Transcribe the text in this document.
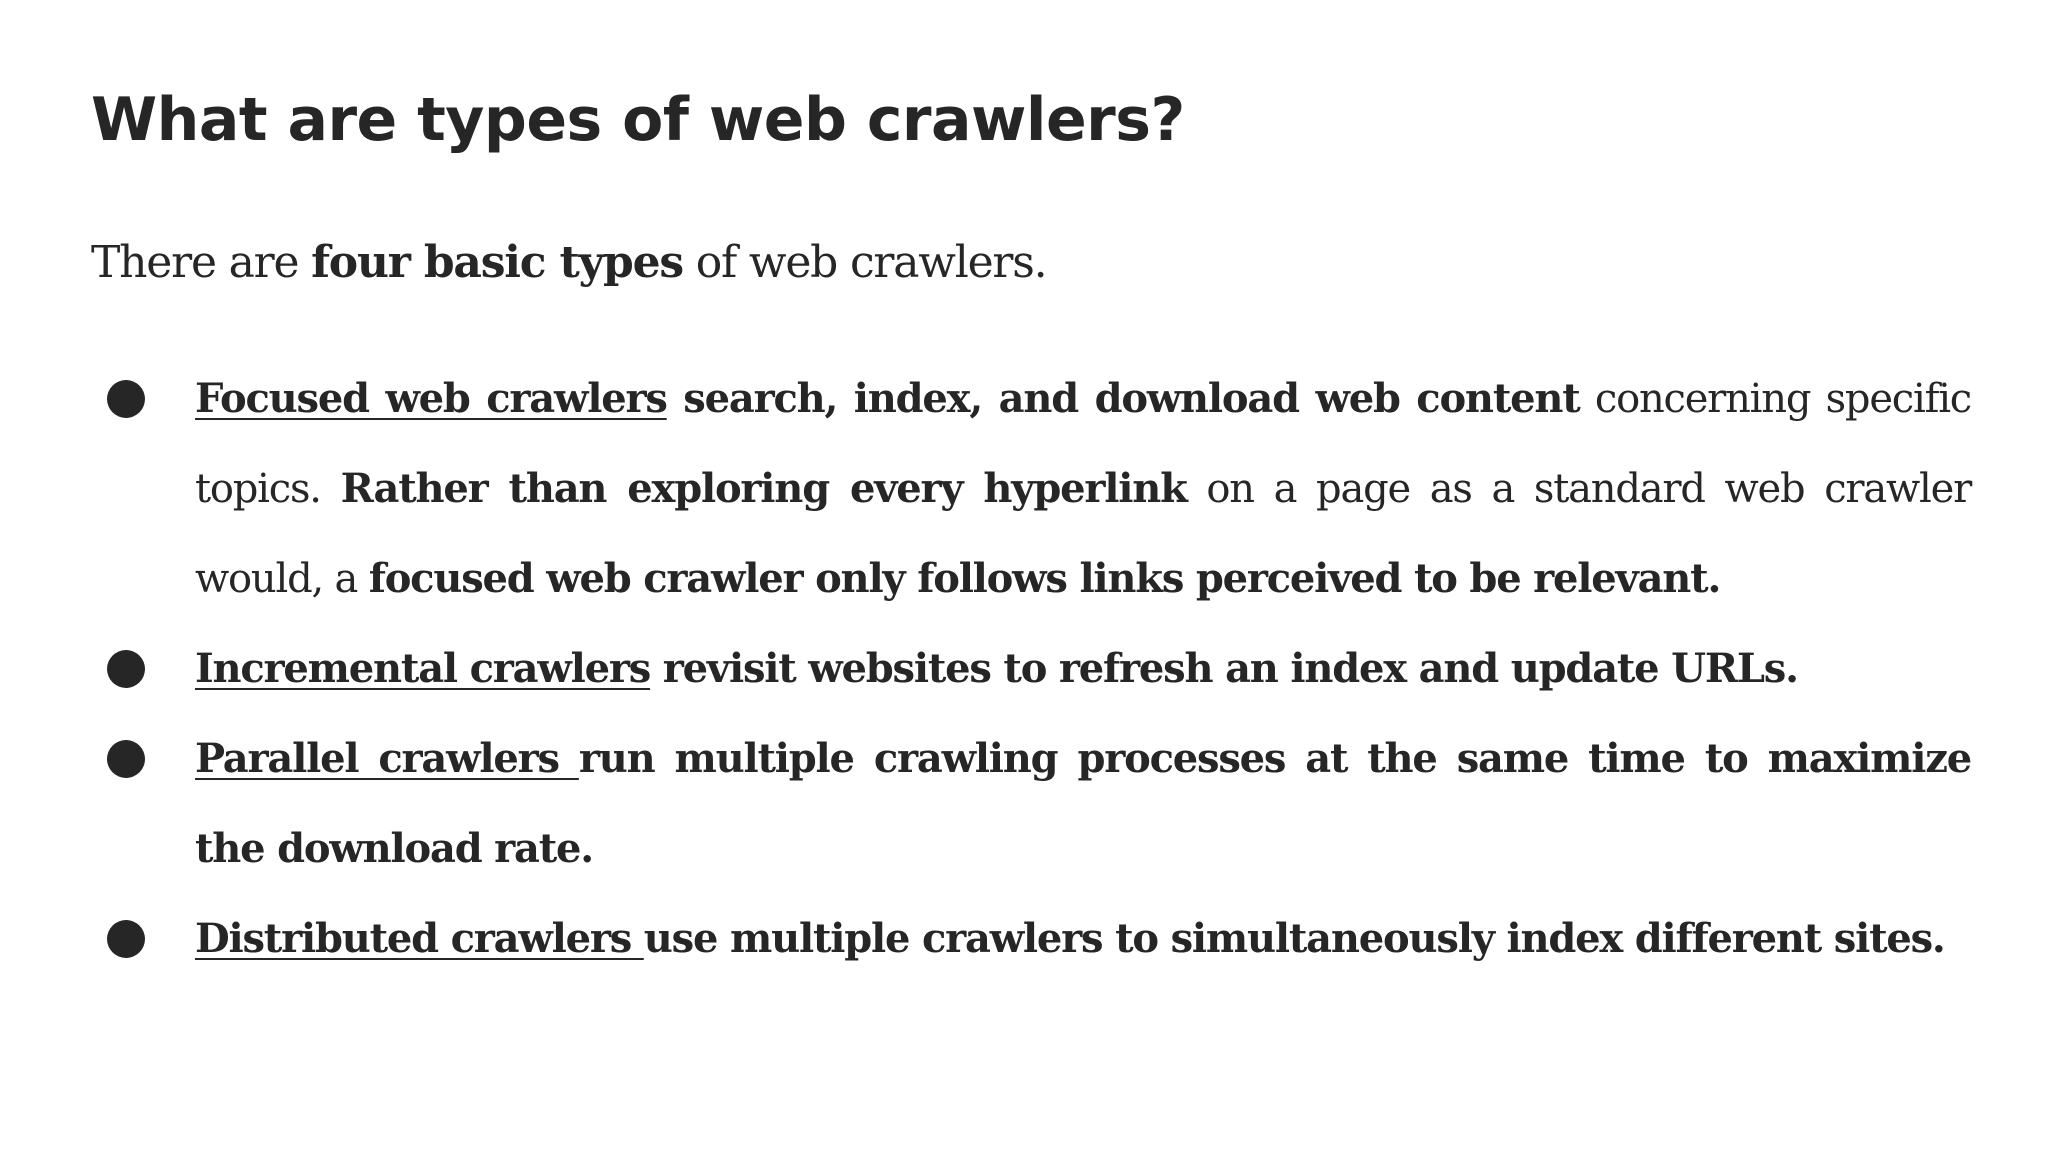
What are types of web crawlers?

There are four basic types of web crawlers.

Focused web crawlers search, index, and download web content concerning specific topics. Rather than exploring every hyperlink on a page as a standard web crawler would, a focused web crawler only follows links perceived to be relevant.
Incremental crawlers revisit websites to refresh an index and update URLs.
Parallel crawlers run multiple crawling processes at the same time to maximize the download rate.
Distributed crawlers use multiple crawlers to simultaneously index different sites.
